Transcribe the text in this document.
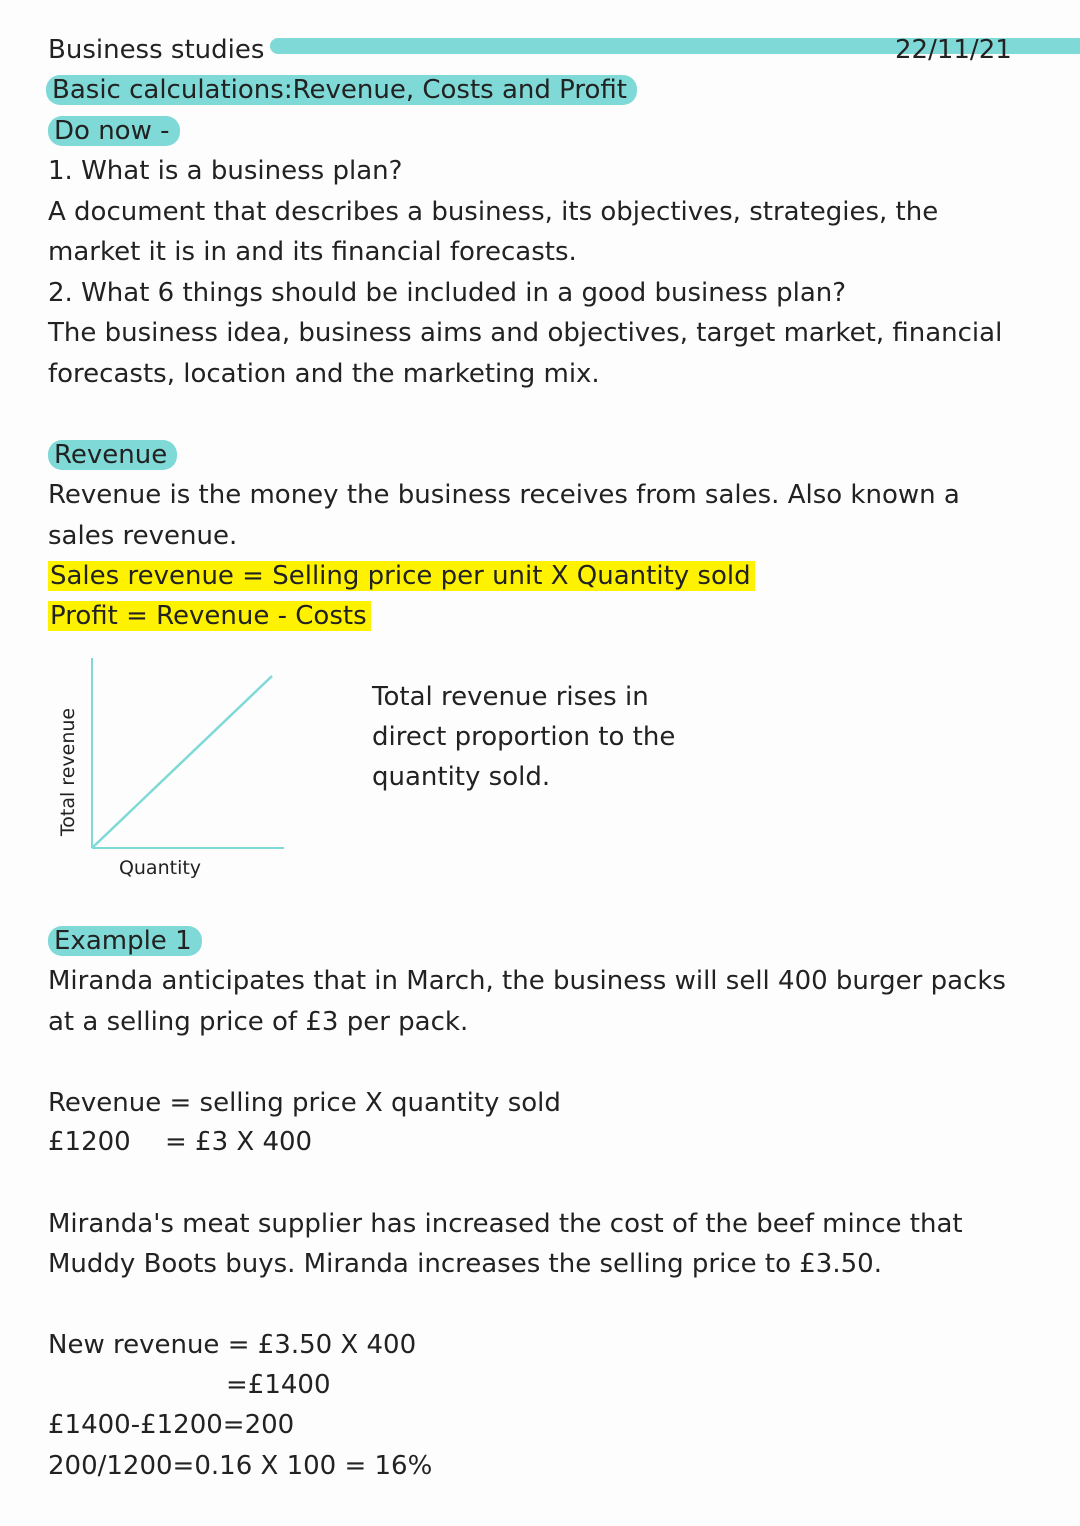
Business studies	22/11/21
Basic calculations:Revenue, Costs and Profit
Do now -
1. What is a business plan?
A document that describes a business, its objectives, strategies, the
market it is in and its financial forecasts.
2. What 6 things should be included in a good business plan?
The business idea, business aims and objectives, target market, financial
forecasts, location and the marketing mix.
Revenue
Revenue is the money the business receives from sales. Also known a
sales revenue.
Sales revenue = Selling price per unit X Quantity sold
Profit = Revenue - Costs
Total revenue
Quantity
Total revenue rises in
direct proportion to the
quantity sold.
Example 1
Miranda anticipates that in March, the business will sell 400 burger packs
at a selling price of £3 per pack.
Revenue = selling price X quantity sold
£1200 = £3 X 400
Miranda's meat supplier has increased the cost of the beef mince that
Muddy Boots buys. Miranda increases the selling price to £3.50.
New revenue = £3.50 X 400
=£1400
£1400-£1200=200
200/1200=0.16 X 100 = 16%
